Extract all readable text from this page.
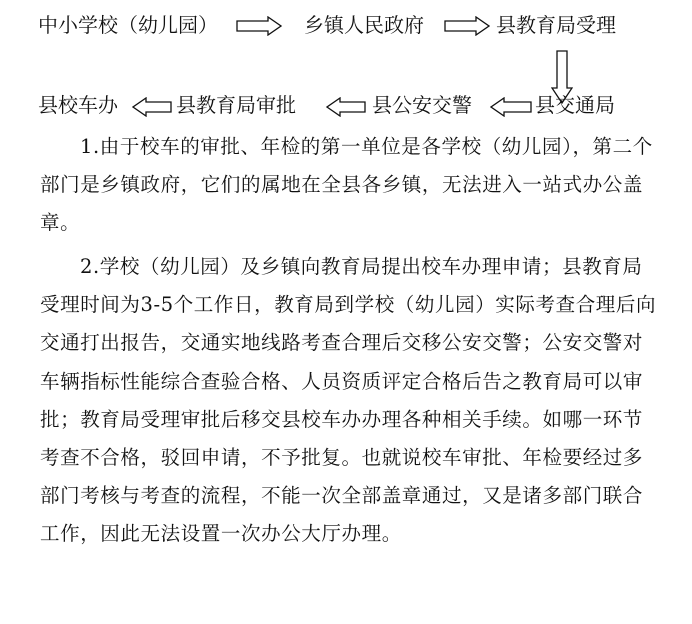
中小学校（幼儿园）	乡镇人民政府	县教育局受理
县校车办	县教育局审批	县公安交警	县交通局

1.由于校车的审批、年检的第一单位是各学校（幼儿园），第二个部门是乡镇政府，它们的属地在全县各乡镇，无法进入一站式办公盖章。

2.学校（幼儿园）及乡镇向教育局提出校车办理申请；县教育局受理时间为3-5个工作日，教育局到学校（幼儿园）实际考查合理后向交通打出报告，交通实地线路考查合理后交移公安交警；公安交警对车辆指标性能综合查验合格、人员资质评定合格后告之教育局可以审批；教育局受理审批后移交县校车办办理各种相关手续。如哪一环节考查不合格，驳回申请，不予批复。也就说校车审批、年检要经过多部门考核与考查的流程，不能一次全部盖章通过，又是诸多部门联合工作，因此无法设置一次办公大厅办理。
